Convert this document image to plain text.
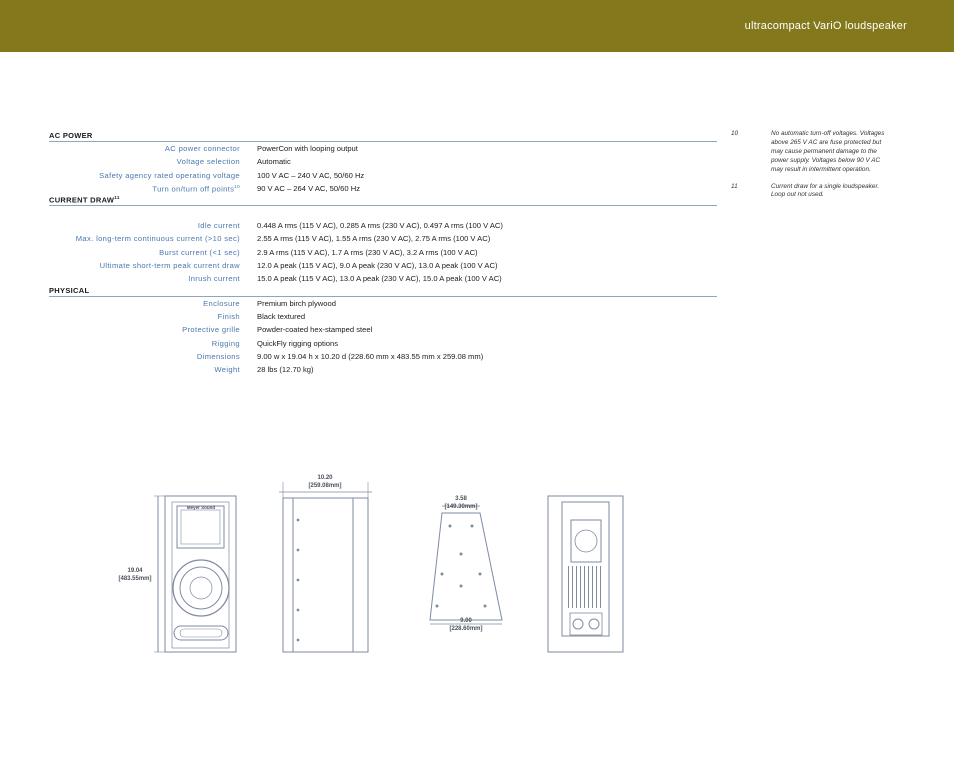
ultracompact VariO loudspeaker
AC POWER
AC power connector PowerCon with looping output
Voltage selection Automatic
Safety agency rated operating voltage 100 V AC – 240 V AC, 50/60 Hz
Turn on/turn off points$^{10}$ 90 V AC – 264 V AC, 50/60 Hz
CURRENT DRAW$^{11}$
Idle current 0.448 A rms (115 V AC), 0.285 A rms (230 V AC), 0.497 A rms (100 V AC)
Max. long-term continuous current (>10 sec) 2.55 A rms (115 V AC), 1.55 A rms (230 V AC), 2.75 A rms (100 V AC)
Burst current (<1 sec) 2.9 A rms (115 V AC), 1.7 A rms (230 V AC), 3.2 A rms (100 V AC)
Ultimate short-term peak current draw 12.0 A peak (115 V AC), 9.0 A peak (230 V AC), 13.0 A peak (100 V AC)
Inrush current 15.0 A peak (115 V AC), 13.0 A peak (230 V AC), 15.0 A peak (100 V AC)
PHYSICAL
Enclosure Premium birch plywood
Finish Black textured
Protective grille Powder-coated hex-stamped steel
Rigging QuickFly rigging options
Dimensions 9.00 w x 19.04 h x 10.20 d (228.60 mm x 483.55 mm x 259.08 mm)
Weight 28 lbs (12.70 kg)
10	No automatic turn-off voltages. Voltages
above 265 V AC are fuse protected but
may cause permanent damage to the
power supply. Voltages below 90 V AC
may result in intermittent operation.
11	Current draw for a single loudspeaker.
Loop out not used.
19.04
[483.55mm]
Meyer Sound
10.20
[259.08mm]
3.58
[149.30mm]
9.00
[228.60mm]
